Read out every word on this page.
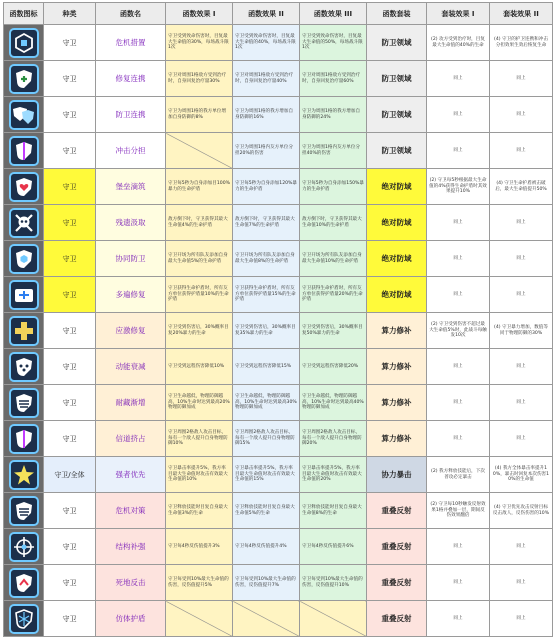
函数图标	种类	函数名	函数效果 I	函数效果 II	函数效果 III	函数套装	套装效果 I	套装效果 II

	守卫	危机措置	守卫受到致命伤害时，目复最大生命值的30%，每场战斗限1次	守卫受到致命伤害时，目复最大生命值的40%，每场战斗限1次	守卫受到致命伤害时，目复最大生命值的50%，每场战斗限1次	防卫领域	(2) 攻方受到治疗时，目复最大生命值的40%的生命	(4) 守卫的护卫连携和冲击分担效果生效后恢复生命

	守卫	修复连携	守卫对周围1格敌方受到治疗时，自身回复治疗量30%	守卫对周围1格敌方受到治疗时，自身回复治疗量40%	守卫对周围1格敌方受到治疗时，自身回复治疗量60%	防卫领域	同上	同上

	守卫	防卫连携	守卫为周围1格的我方单位增加自身防御的8%	守卫为周围1格的我方增加自身防御的16%	守卫为周围1格的我方增加自身防御的24%	防卫领域	同上	同上

	守卫	冲击分担		守卫为周围1格内友方单位分担20%的伤害	守卫为周围1格内友方单位分担40%的伤害	防卫领域	同上	同上

	守卫	堡垒滴筑	守卫每5秒为自身添加目100%暴力的生命护盾	守卫每5秒为自身添加120%暴力的生命护盾	守卫每5秒为自身添加150%暴力的生命护盾	绝对防域	(2) 守卫每5秒根据最大生命值的4%获得生命护盾时其效果提升10%	(4) 守卫生命护盾被击破后，最大生命值提升50%

	守卫	残遗汲取	敌方倒下时，守卫获得其最大生命值4%的生命护盾	敌方倒下时，守卫获得其最大生命值7%的生命护盾	敌方倒下时，守卫获得其最大生命值10%的生命护盾	绝对防域	同上	同上

	守卫	协同防卫	守卫开场为所有队友添加自身最大生命值5%的生命护盾	守卫开场为所有队友添加自身最大生命值8%的生命护盾	守卫开场为所有队友添加自身最大生命值10%的生命护盾	绝对防域	同上	同上

	守卫	多遍修复	守卫获得生命护盾时，所有友方单位获得护盾量10%的生命护盾	守卫获得生命护盾时，所有友方单位获得护盾量15%的生命护盾	守卫获得生命护盾时，所有友方单位获得护盾量20%的生命护盾	绝对防域	同上	同上

	守卫	应激修复	守卫受到伤害后，30%概率目复20%暴力的生命	守卫受到伤害后，30%概率目复35%暴力的生命	守卫受到伤害后，30%概率目复50%暴力的生命	算力修补	(2) 守卫受到伤害不超过最大生命值5%时，此战斗每触发10次	(4) 守卫暴力增加，数值等同于物理防御的30%

	守卫	动能衰减	守卫受到远程伤害降低10%	守卫受到远程伤害降低15%	守卫受到远程伤害降低20%	算力修补	同上	同上

	守卫	耐藏渐增	守卫生命越低，物理防御越高，10%生命时达到最高20%物理防御加成	守卫生命越低，物理防御越高，10%生命时达到最高30%物理防御加成	守卫生命越低，物理防御越高，10%生命时达到最高40%物理防御加成	算力修补	同上	同上

	守卫	信道挤占	守卫周围2格敌人攻击目标，每有一个敌人提升自身物理防御10%	守卫周围2格敌人攻击目标，每有一个敌人提升自身物理防御15%	守卫周围2格敌人攻击目标，每有一个敌人提升自身物理防御20%	算力修补	同上	同上

	守卫/全体	强者优先	守卫暴击率提升5%，我方率目最大生命值时攻击有效最大生命值的10%	守卫暴击率提升5%，我方率目最大生命值时攻击有效最大生命值的15%	守卫暴击率提升5%，我方率目最大生命值时攻击有效最大生命值的20%	协力暴击	(2) 我方释放技能后，下次普攻必定暴击	(4) 我方全体暴击率提升10%，暴击时回复本次伤害10%的生命值

	守卫	危机对策	守卫释放技能时目复自身最大生命值3%的生命	守卫释放技能时目复自身最大生命值5%的生命	守卫释放技能时目复自身最大生命值8%的生命	重叠反射	(2) 守卫每10秒触发反射效果1格并叠加一层，期间反伤效果翻倍	(4) 守卫优先攻击反射目标反击敌人，反伤伤害的10%

	守卫	结构补强	守卫每4秒反伤值提升3%	守卫每4秒反伤值提升4%	守卫每4秒反伤值提升6%	重叠反射	同上	同上

	守卫	死地反击	守卫每受到10%最大生命值的伤害，反伤值提升5%	守卫每受到10%最大生命值的伤害，反伤值提升7%	守卫每受到10%最大生命值的伤害，反伤值提升10%	重叠反射	同上	同上

	守卫	仿体护盾				重叠反射	同上	同上
